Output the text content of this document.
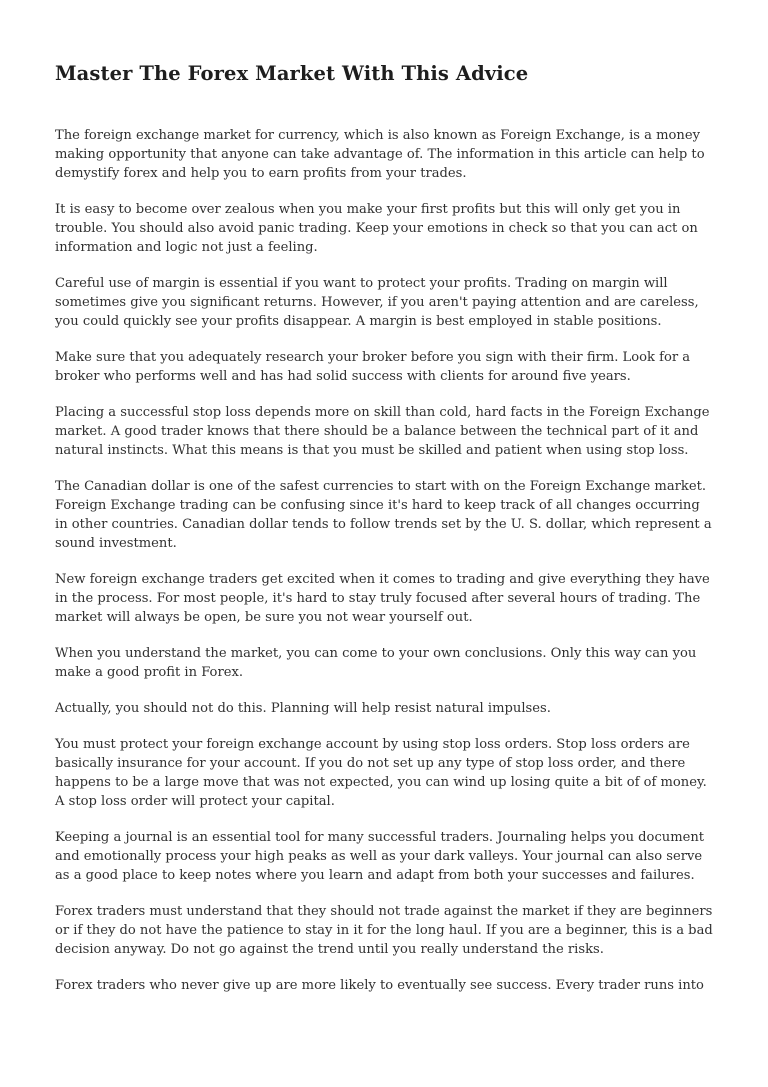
Master The Forex Market With This Advice

The foreign exchange market for currency, which is also known as Foreign Exchange, is a money making opportunity that anyone can take advantage of. The information in this article can help to demystify forex and help you to earn profits from your trades.

It is easy to become over zealous when you make your first profits but this will only get you in trouble. You should also avoid panic trading. Keep your emotions in check so that you can act on information and logic not just a feeling.

Careful use of margin is essential if you want to protect your profits. Trading on margin will sometimes give you significant returns. However, if you aren't paying attention and are careless, you could quickly see your profits disappear. A margin is best employed in stable positions.

Make sure that you adequately research your broker before you sign with their firm. Look for a broker who performs well and has had solid success with clients for around five years.

Placing a successful stop loss depends more on skill than cold, hard facts in the Foreign Exchange market. A good trader knows that there should be a balance between the technical part of it and natural instincts. What this means is that you must be skilled and patient when using stop loss.

The Canadian dollar is one of the safest currencies to start with on the Foreign Exchange market. Foreign Exchange trading can be confusing since it's hard to keep track of all changes occurring in other countries. Canadian dollar tends to follow trends set by the U. S. dollar, which represent a sound investment.

New foreign exchange traders get excited when it comes to trading and give everything they have in the process. For most people, it's hard to stay truly focused after several hours of trading. The market will always be open, be sure you not wear yourself out.

When you understand the market, you can come to your own conclusions. Only this way can you make a good profit in Forex.

Actually, you should not do this. Planning will help resist natural impulses.

You must protect your foreign exchange account by using stop loss orders. Stop loss orders are basically insurance for your account. If you do not set up any type of stop loss order, and there happens to be a large move that was not expected, you can wind up losing quite a bit of of money. A stop loss order will protect your capital.

Keeping a journal is an essential tool for many successful traders. Journaling helps you document and emotionally process your high peaks as well as your dark valleys. Your journal can also serve as a good place to keep notes where you learn and adapt from both your successes and failures.

Forex traders must understand that they should not trade against the market if they are beginners or if they do not have the patience to stay in it for the long haul. If you are a beginner, this is a bad decision anyway. Do not go against the trend until you really understand the risks.

Forex traders who never give up are more likely to eventually see success. Every trader runs into
